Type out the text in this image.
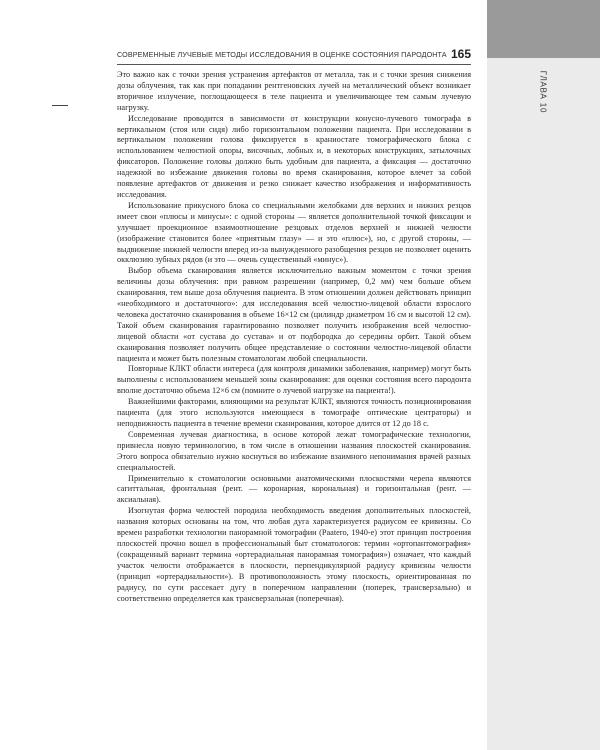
ГЛАВА 10
СОВРЕМЕННЫЕ ЛУЧЕВЫЕ МЕТОДЫ ИССЛЕДОВАНИЯ В ОЦЕНКЕ СОСТОЯНИЯ ПАРОДОНТА 165

Это важно как с точки зрения устранения артефактов от металла, так и с точки зрения снижения дозы облучения, так как при попадании рентгеновских лучей на металлический объект возникает вторичное излучение, поглощающееся в теле пациента и увеличивающее тем самым лучевую нагрузку.

Исследование проводится в зависимости от конструкции конусно-лучевого томографа в вертикальном (стоя или сидя) либо горизонтальном положении пациента. При исследовании в вертикальном положении голова фиксируется в краниостате томографического блока с использованием челюстной опоры, височных, лобных и, в некоторых конструкциях, затылочных фиксаторов. Положение головы должно быть удобным для пациента, а фиксация — достаточно надежной во избежание движения головы во время сканирования, которое влечет за собой появление артефактов от движения и резко снижает качество изображения и информативность исследования.

Использование прикусного блока со специальными желобками для верхних и нижних резцов имеет свои «плюсы и минусы»: с одной стороны — является дополнительной точкой фиксации и улучшает проекционное взаимоотношение резцовых отделов верхней и нижней челюсти (изображение становится более «приятным глазу» — и это «плюс»), но, с другой стороны, — выдвижение нижней челюсти вперед из-за вынужденного разобщения резцов не позволяет оценить окклюзию зубных рядов (и это — очень существенный «минус»).

Выбор объема сканирования является исключительно важным моментом с точки зрения величины дозы облучения: при равном разрешении (например, 0,2 мм) чем больше объем сканирования, тем выше доза облучения пациента. В этом отношении должен действовать принцип «необходимого и достаточного»: для исследования всей челюстно-лицевой области взрослого человека достаточно сканирования в объеме 16×12 см (цилиндр диаметром 16 см и высотой 12 см). Такой объем сканирования гарантированно позволяет получить изображения всей челюстно-лицевой области «от сустава до сустава» и от подбородка до середины орбит. Такой объем сканирования позволяет получить общее представление о состоянии челюстно-лицевой области пациента и может быть полезным стоматологам любой специальности.

Повторные КЛКТ области интереса (для контроля динамики заболевания, например) могут быть выполнены с использованием меньшей зоны сканирования: для оценки состояния всего пародонта вполне достаточно объема 12×6 см (помните о лучевой нагрузке на пациента!).

Важнейшими факторами, влияющими на результат КЛКТ, являются точность позиционирования пациента (для этого используются имеющиеся в томографе оптические центраторы) и неподвижность пациента в течение времени сканирования, которое длится от 12 до 18 с.

Современная лучевая диагностика, в основе которой лежат томографические технологии, привнесла новую терминологию, в том числе в отношении названия плоскостей сканирования. Этого вопроса обязательно нужно коснуться во избежание взаимного непонимания врачей разных специальностей.

Применительно к стоматологии основными анатомическими плоскостями черепа являются сагиттальная, фронтальная (рент. — коронарная, корональная) и горизонтальная (рент. — аксиальная).

Изогнутая форма челюстей породила необходимость введения дополнительных плоскостей, названия которых основаны на том, что любая дуга характеризуется радиусом ее кривизны. Со времен разработки технологии панорамной томографии (Paatero, 1940-е) этот принцип построения плоскостей прочно вошел в профессиональный быт стоматологов: термин «ортопантомография» (сокращенный вариант термина «ортерадиальная панорамная томография») означает, что каждый участок челюсти отображается в плоскости, перпендикулярной радиусу кривизны челюсти (принцип «ортерадиальности»). В противоположность этому плоскость, ориентированная по радиусу, по сути рассекает дугу в поперечном направлении (поперек, трансверзально) и соответственно определяется как трансверзальная (поперечная).
